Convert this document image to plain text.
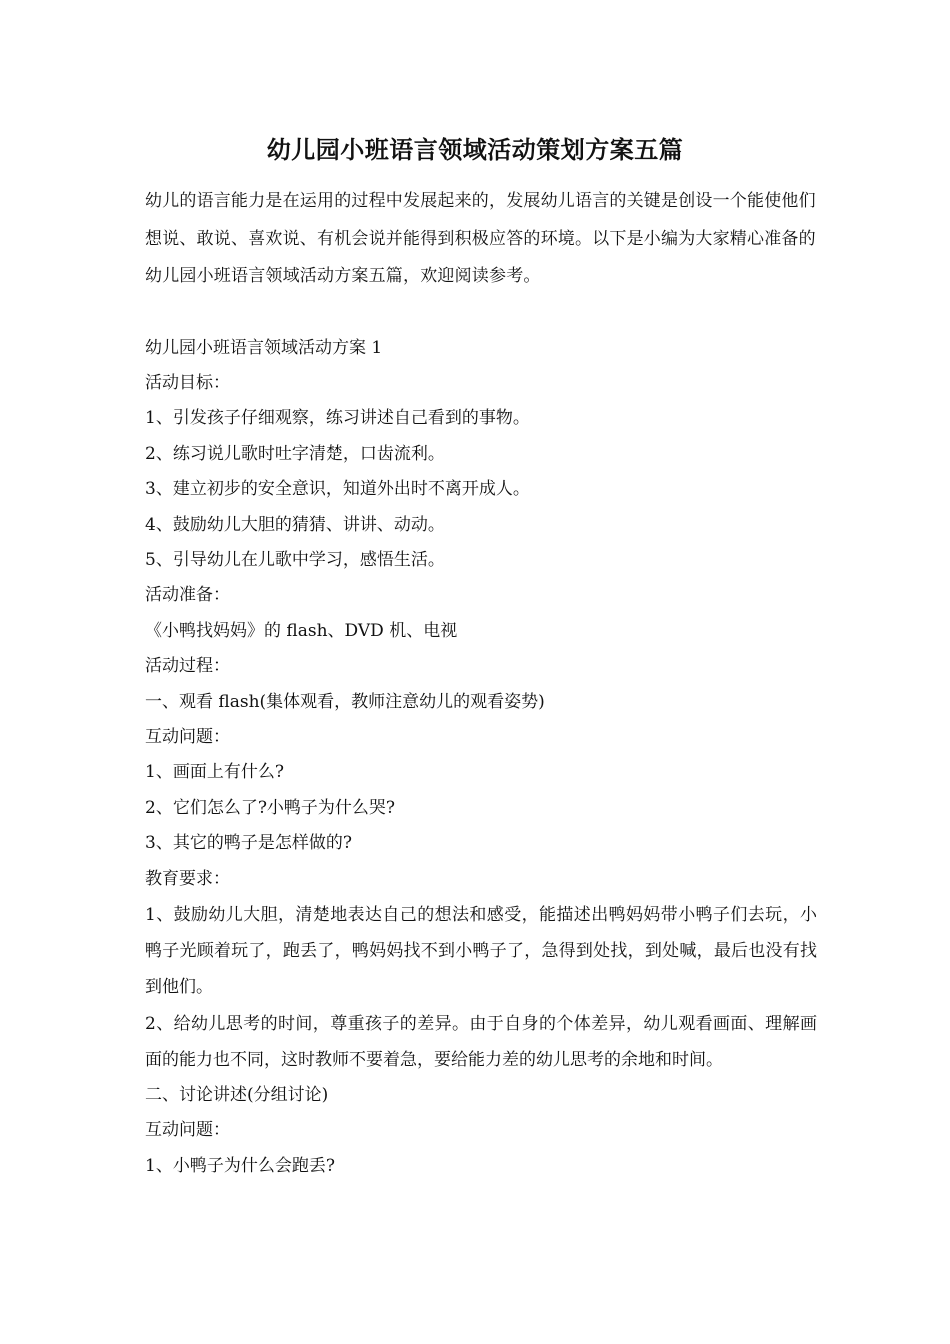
幼儿园小班语言领域活动策划方案五篇

幼儿的语言能力是在运用的过程中发展起来的，发展幼儿语言的关键是创设一个能使他们想说、敢说、喜欢说、有机会说并能得到积极应答的环境。以下是小编为大家精心准备的幼儿园小班语言领域活动方案五篇，欢迎阅读参考。

幼儿园小班语言领域活动方案 1

活动目标：

1、引发孩子仔细观察，练习讲述自己看到的事物。

2、练习说儿歌时吐字清楚，口齿流利。

3、建立初步的安全意识，知道外出时不离开成人。

4、鼓励幼儿大胆的猜猜、讲讲、动动。

5、引导幼儿在儿歌中学习，感悟生活。

活动准备：

《小鸭找妈妈》的 flash、DVD 机、电视

活动过程：

一、观看 flash(集体观看，教师注意幼儿的观看姿势)

互动问题：

1、画面上有什么?

2、它们怎么了?小鸭子为什么哭?

3、其它的鸭子是怎样做的?

教育要求：

1、鼓励幼儿大胆，清楚地表达自己的想法和感受，能描述出鸭妈妈带小鸭子们去玩，小鸭子光顾着玩了，跑丢了，鸭妈妈找不到小鸭子了，急得到处找，到处喊，最后也没有找到他们。

2、给幼儿思考的时间，尊重孩子的差异。由于自身的个体差异，幼儿观看画面、理解画面的能力也不同，这时教师不要着急，要给能力差的幼儿思考的余地和时间。

二、讨论讲述(分组讨论)

互动问题：

1、小鸭子为什么会跑丢?
